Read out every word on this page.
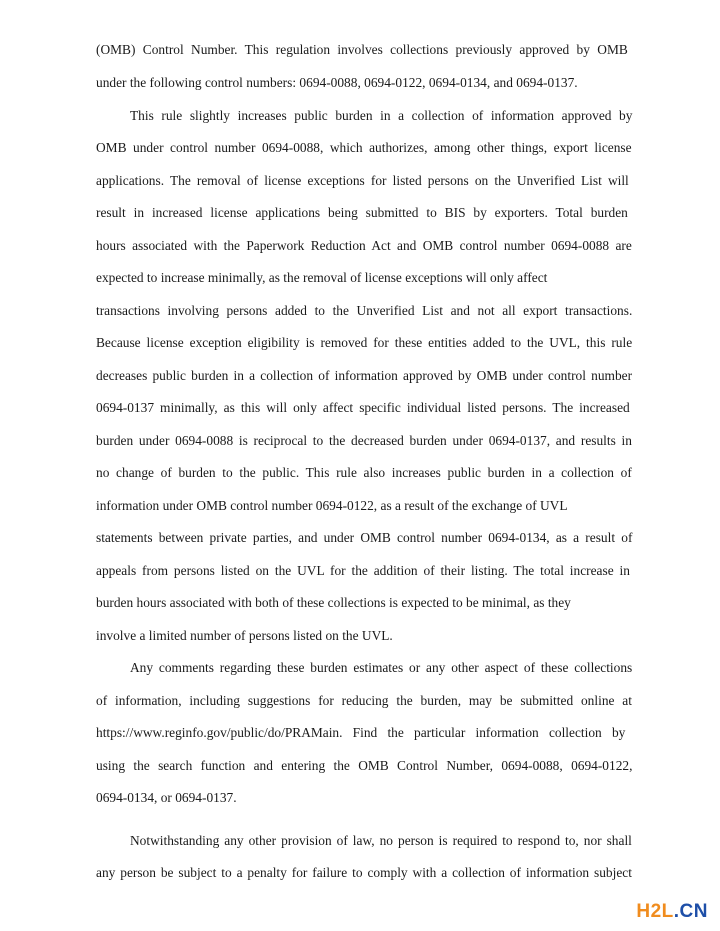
(OMB) Control Number. This regulation involves collections previously approved by OMB
under the following control numbers: 0694-0088, 0694-0122, 0694-0134, and 0694-0137.
This rule slightly increases public burden in a collection of information approved by
OMB under control number 0694-0088, which authorizes, among other things, export license
applications. The removal of license exceptions for listed persons on the Unverified List will
result in increased license applications being submitted to BIS by exporters. Total burden
hours associated with the Paperwork Reduction Act and OMB control number 0694-0088 are
expected to increase minimally, as the removal of license exceptions will only affect
transactions involving persons added to the Unverified List and not all export transactions.
Because license exception eligibility is removed for these entities added to the UVL, this rule
decreases public burden in a collection of information approved by OMB under control number
0694-0137 minimally, as this will only affect specific individual listed persons. The increased
burden under 0694-0088 is reciprocal to the decreased burden under 0694-0137, and results in
no change of burden to the public. This rule also increases public burden in a collection of
information under OMB control number 0694-0122, as a result of the exchange of UVL
statements between private parties, and under OMB control number 0694-0134, as a result of
appeals from persons listed on the UVL for the addition of their listing. The total increase in
burden hours associated with both of these collections is expected to be minimal, as they
involve a limited number of persons listed on the UVL.
Any comments regarding these burden estimates or any other aspect of these collections
of information, including suggestions for reducing the burden, may be submitted online at
https://www.reginfo.gov/public/do/PRAMain. Find the particular information collection by
using the search function and entering the OMB Control Number, 0694-0088, 0694-0122,
0694-0134, or 0694-0137.
Notwithstanding any other provision of law, no person is required to respond to, nor shall
any person be subject to a penalty for failure to comply with a collection of information subject
H2L.CN
